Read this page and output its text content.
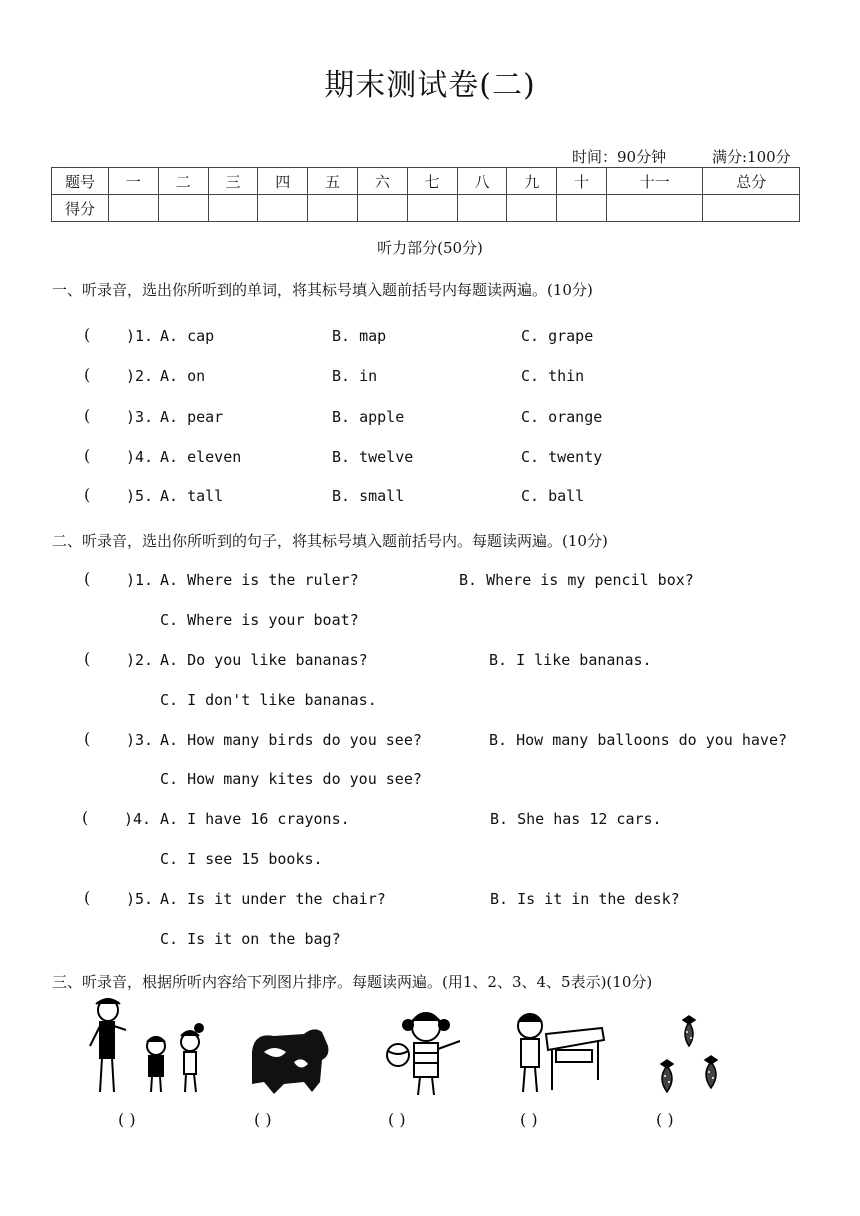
期末测试卷(二)
时间：90分钟	满分:100分
题号	一	二	三	四	五	六	七	八	九	十	十一	总分
得分												
听力部分(50分)
一、听录音，选出你所听到的单词，将其标号填入题前括号内每题读两遍。(10分)
( )1. A. cap	B. map	C. grape
( )2. A. on	B. in	C. thin
( )3. A. pear	B. apple	C. orange
( )4. A. eleven	B. twelve	C. twenty
( )5. A. tall	B. small	C. ball
二、听录音，选出你所听到的句子，将其标号填入题前括号内。每题读两遍。(10分)
( )1. A. Where is the ruler?	B. Where is my pencil box?
C. Where is your boat?
( )2. A. Do you like bananas?	B. I like bananas.
C. I don't like bananas.
( )3. A. How many birds do you see?	B. How many balloons do you have?
C. How many kites do you see?
( )4. A. I have 16 crayons.	B. She has 12 cars.
C. I see 15 books.
( )5. A. Is it under the chair?	B. Is it in the desk?
C. Is it on the bag?
三、听录音，根据所听内容给下列图片排序。每题读两遍。(用1、2、3、4、5表示)(10分)
( )	( )	( )	( )	( )
